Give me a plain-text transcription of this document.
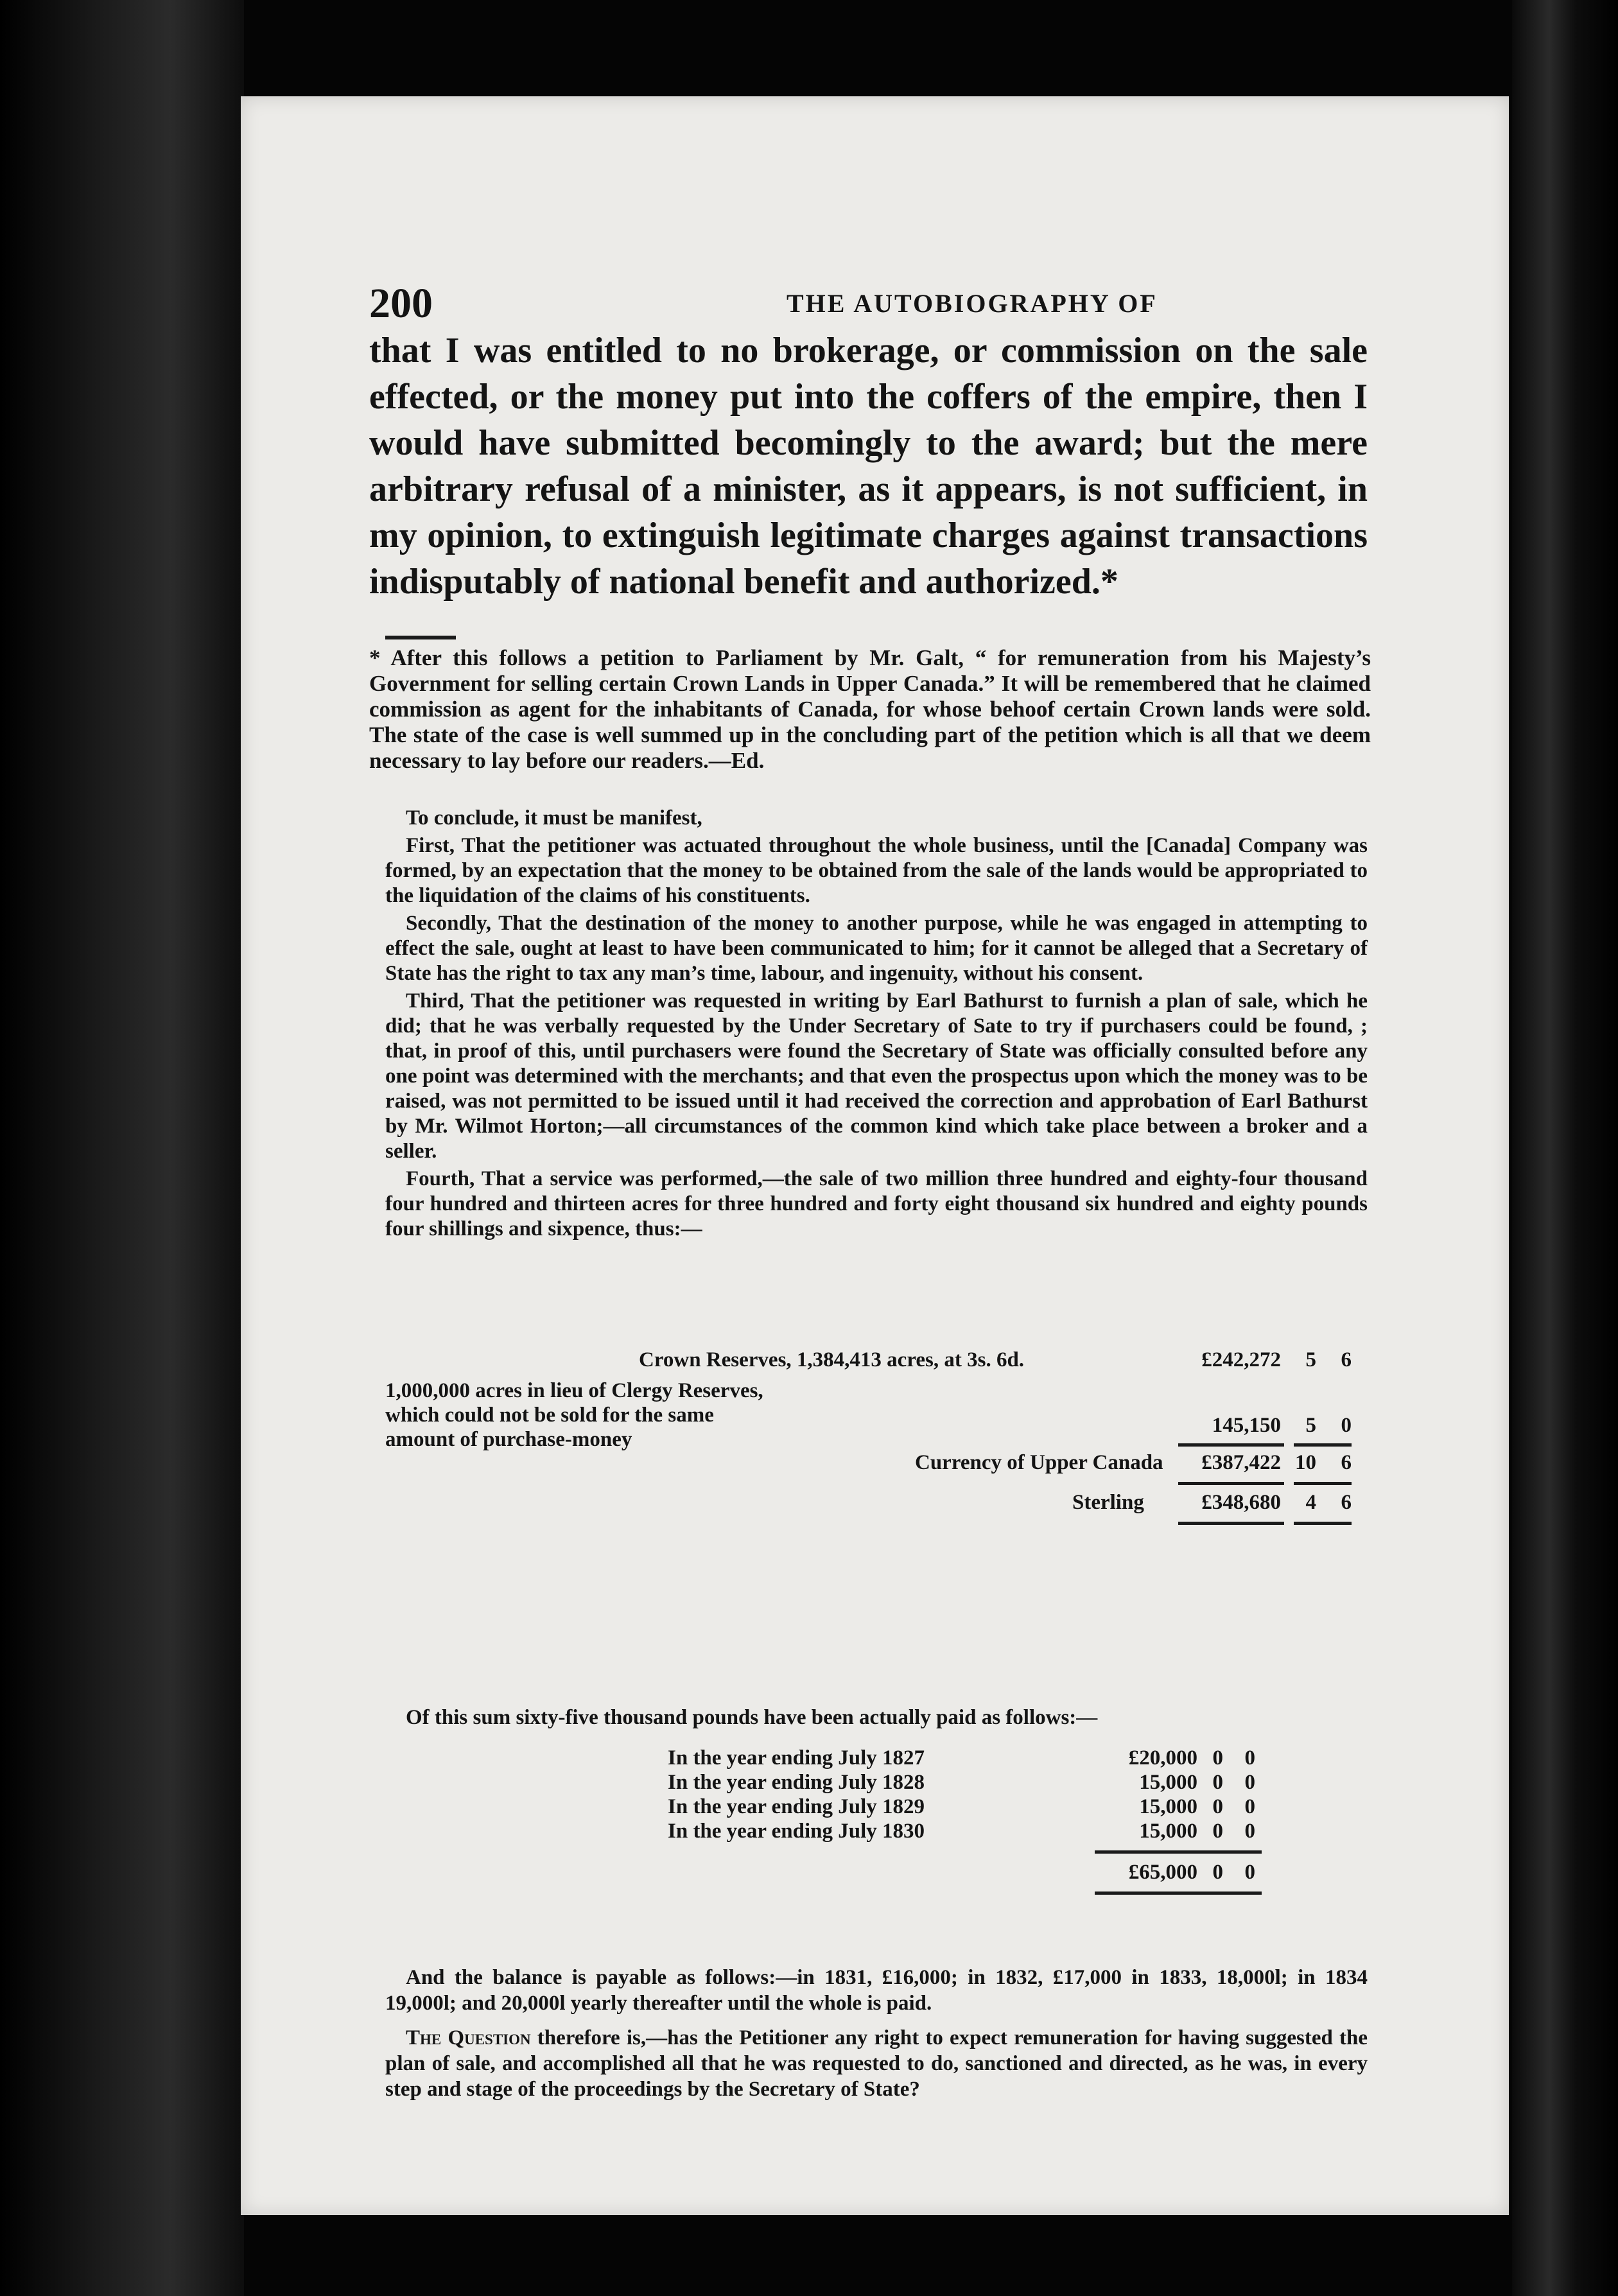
200	THE AUTOBIOGRAPHY OF
that I was entitled to no brokerage, or commission on the sale effected, or the money put into the coffers of the empire, then I would have submitted becomingly to the award; but the mere arbitrary refusal of a minister, as it appears, is not sufficient, in my opinion, to extinguish legitimate charges against transactions indisputably of national benefit and authorized.*
* After this follows a petition to Parliament by Mr. Galt, “ for remuneration from his Majesty’s Government for selling certain Crown Lands in Upper Canada.” It will be remembered that he claimed commission as agent for the inhabitants of Canada, for whose behoof certain Crown lands were sold. The state of the case is well summed up in the concluding part of the petition which is all that we deem necessary to lay before our readers.—Ed.

To conclude, it must be manifest,

First, That the petitioner was actuated throughout the whole business, until the [Canada] Company was formed, by an expectation that the money to be obtained from the sale of the lands would be appropriated to the liquidation of the claims of his constituents.

Secondly, That the destination of the money to another purpose, while he was engaged in attempting to effect the sale, ought at least to have been communicated to him; for it cannot be alleged that a Secretary of State has the right to tax any man’s time, labour, and ingenuity, without his consent.

Third, That the petitioner was requested in writing by Earl Bathurst to furnish a plan of sale, which he did; that he was verbally requested by the Under Secretary of Sate to try if purchasers could be found, ; that, in proof of this, until purchasers were found the Secretary of State was officially consulted before any one point was determined with the merchants; and that even the prospectus upon which the money was to be raised, was not permitted to be issued until it had received the correction and approbation of Earl Bathurst by Mr. Wilmot Horton;—all circumstances of the common kind which take place between a broker and a seller.

Fourth, That a service was performed,—the sale of two million three hundred and eighty-four thousand four hundred and thirteen acres for three hundred and forty eight thousand six hundred and eighty pounds four shillings and sixpence, thus:—

Crown Reserves, 1,384,413 acres, at 3s. 6d.	£242,272	5	6
1,000,000 acres in lieu of Clergy Reserves,
which could not be sold for the same
amount of purchase-money
145,150	5	0
Currency of Upper Canada	£387,422 10	6
Sterling	£348,680	4	6

Of this sum sixty-five thousand pounds have been actually paid as follows:—

In the year ending July 1827	£20,000 0	0
In the year ending July 1828	15,000 0	0
In the year ending July 1829	15,000 0	0
In the year ending July 1830	15,000 0	0
£65,000 0	0

And the balance is payable as follows:—in 1831, £16,000; in 1832, £17,000 in 1833, 18,000l; in 1834 19,000l; and 20,000l yearly thereafter until the whole is paid.

The Question therefore is,—has the Petitioner any right to expect remuneration for having suggested the plan of sale, and accomplished all that he was requested to do, sanctioned and directed, as he was, in every step and stage of the proceedings by the Secretary of State?
